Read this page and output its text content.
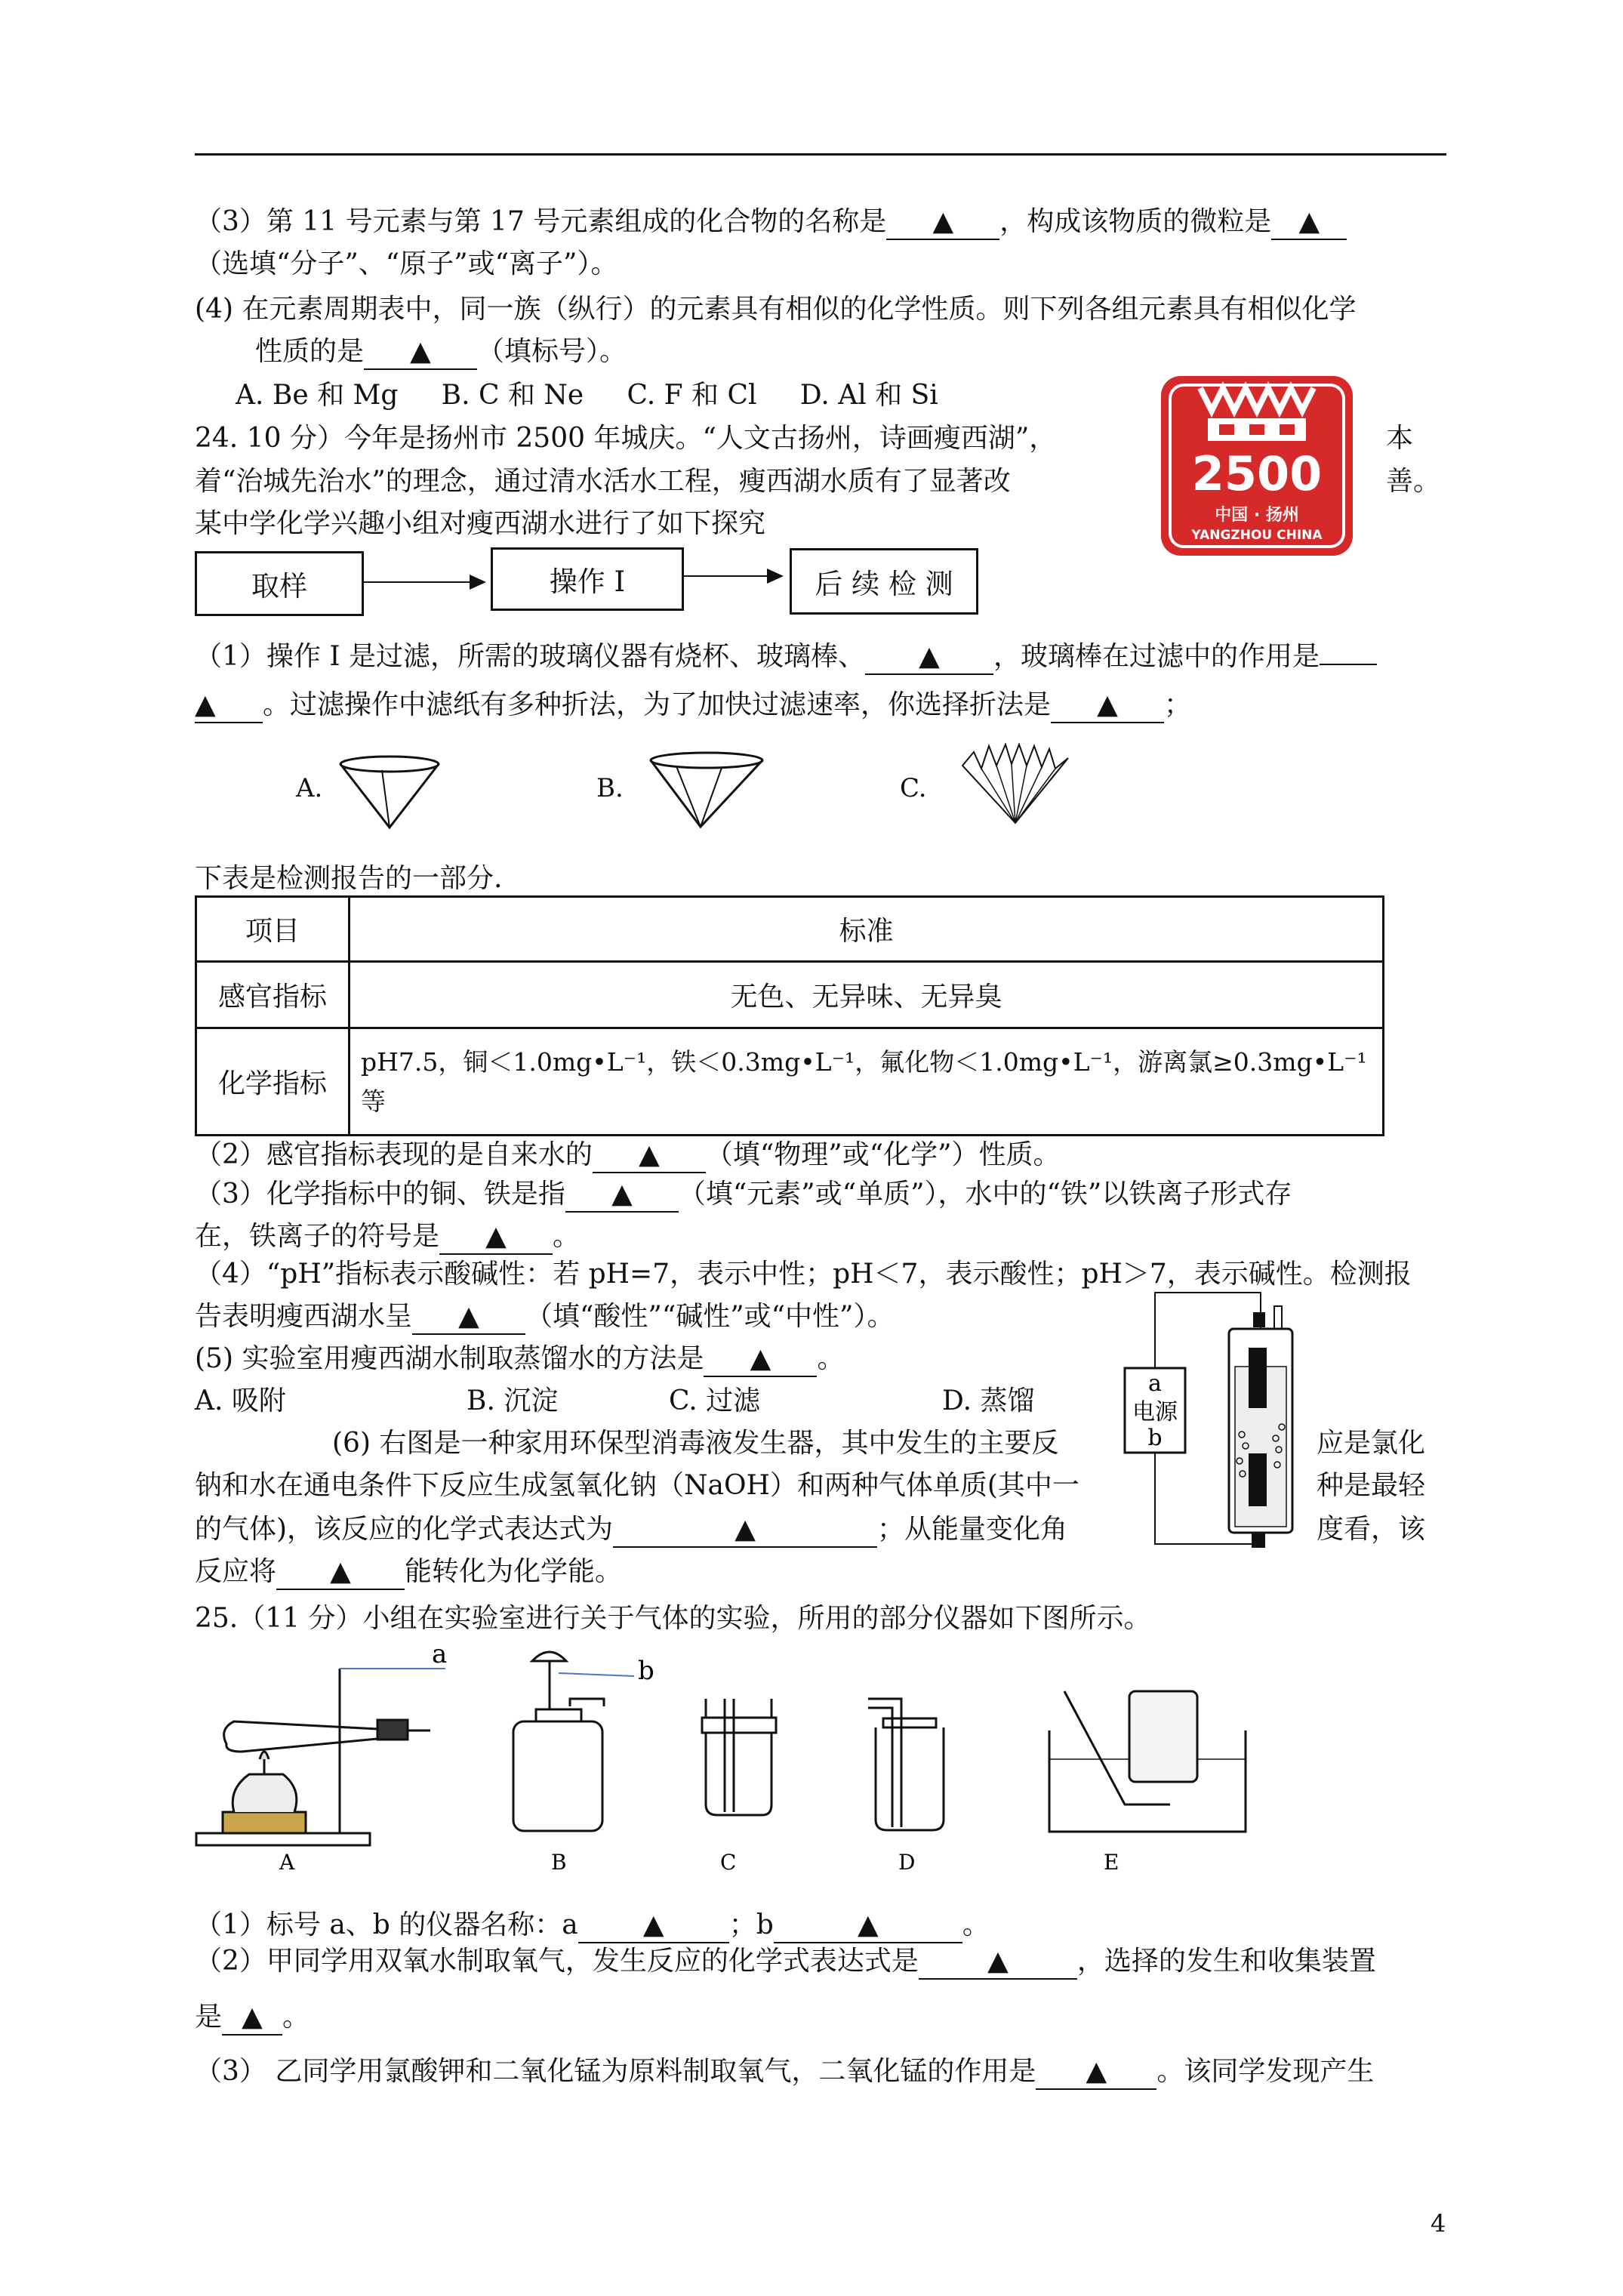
（3）第 11 号元素与第 17 号元素组成的化合物的名称是 ▲ ，构成该物质的微粒是 ▲
（选填“分子”、“原子”或“离子”）。
(4) 在元素周期表中，同一族（纵行）的元素具有相似的化学性质。则下列各组元素具有相似化学
性质的是 ▲ （填标号）。
A. Be 和 Mg     B. C 和 Ne     C. F 和 Cl     D. Al 和 Si
24. 10 分）今年是扬州市 2500 年城庆。“人文古扬州，诗画瘦西湖”，	本
着“治城先治水”的理念，通过清水活水工程，瘦西湖水质有了显著改	善。
某中学化学兴趣小组对瘦西湖水进行了如下探究
2500
中国 · 扬州
YANGZHOU CHINA
取样	操作 I	后 续 检 测
（1）操作 I 是过滤，所需的玻璃仪器有烧杯、玻璃棒、 ▲ ，玻璃棒在过滤中的作用是
▲ 。过滤操作中滤纸有多种折法，为了加快过滤速率，你选择折法是 ▲ ；
A.	B.	C.
下表是检测报告的一部分.
项目	标准
感官指标	无色、无异味、无异臭
化学指标	pH7.5，铜＜1.0mg•L⁻¹，铁＜0.3mg•L⁻¹，氟化物＜1.0mg•L⁻¹，游离氯≥0.3mg•L⁻¹
等
（2）感官指标表现的是自来水的 ▲ （填“物理”或“化学”）性质。
（3）化学指标中的铜、铁是指 ▲ （填“元素”或“单质”），水中的“铁”以铁离子形式存
在，铁离子的符号是 ▲ 。
（4）“pH”指标表示酸碱性：若 pH=7，表示中性；pH＜7，表示酸性；pH＞7，表示碱性。检测报
告表明瘦西湖水呈 ▲ （填“酸性”“碱性”或“中性”）。
(5) 实验室用瘦西湖水制取蒸馏水的方法是 ▲ 。
A. 吸附	B. 沉淀	C. 过滤	D. 蒸馏
(6) 右图是一种家用环保型消毒液发生器，其中发生的主要反	应是氯化
钠和水在通电条件下反应生成氢氧化钠（NaOH）和两种气体单质(其中一	种是最轻
的气体)，该反应的化学式表达式为	▲	；从能量变化角	度看，该
反应将 ▲ 能转化为化学能。
a
电源
b
25.（11 分）小组在实验室进行关于气体的实验，所用的部分仪器如下图所示。
a
b
A	B	C	D	E
（1）标号 a、b 的仪器名称：a ▲ ；b	▲	。
（2）甲同学用双氧水制取氧气，发生反应的化学式表达式是	▲	，选择的发生和收集装置
是 ▲ 。
（3） 乙同学用氯酸钾和二氧化锰为原料制取氧气，二氧化锰的作用是 ▲ 。该同学发现产生
4
